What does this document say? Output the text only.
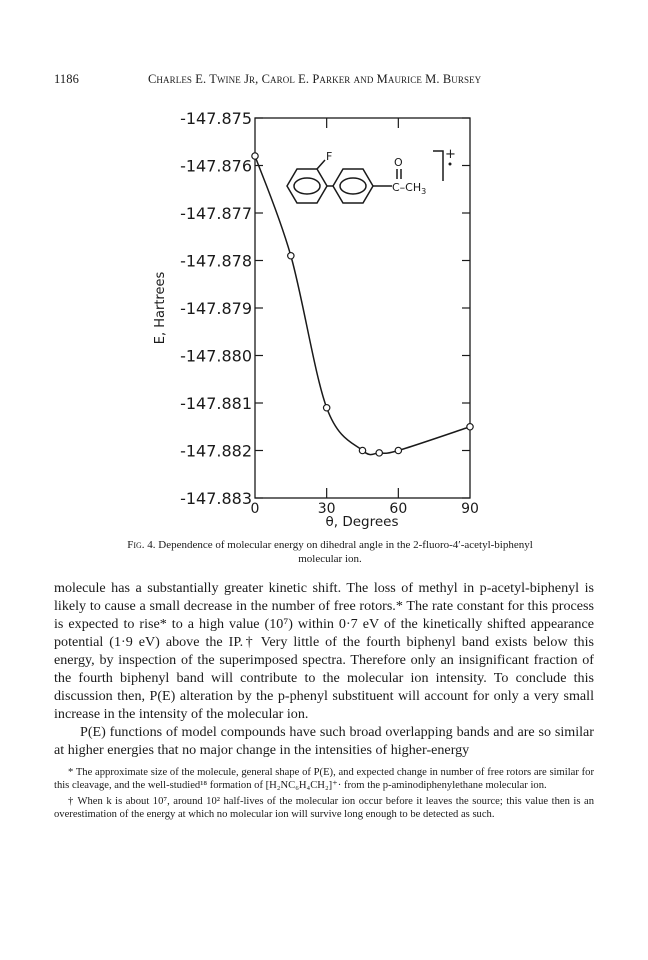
1186	Charles E. Twine Jr, Carol E. Parker and Maurice M. Bursey
-147.875
-147.876
-147.877
-147.878
-147.879
-147.880
-147.881
-147.882
-147.883
0	30	60	90
F	O
$C-CH_3$
+
E, Hartrees
θ, Degrees
Fig. 4. Dependence of molecular energy on dihedral angle in the 2-fluoro-4′-acetyl-biphenyl molecular ion.

molecule has a substantially greater kinetic shift. The loss of methyl in p-acetyl-biphenyl is likely to cause a small decrease in the number of free rotors.* The rate constant for this process is expected to rise* to a high value (10⁷) within 0·7 eV of the kinetically shifted appearance potential (1·9 eV) above the IP.† Very little of the fourth biphenyl band exists below this energy, by inspection of the superimposed spectra. Therefore only an insignificant fraction of the fourth biphenyl band will contribute to the molecular ion intensity. To conclude this discussion then, P(E) alteration by the p-phenyl substituent will account for only a very small increase in the intensity of the molecular ion.

P(E) functions of model compounds have such broad overlapping bands and are so similar at higher energies that no major change in the intensities of higher-energy

* The approximate size of the molecule, general shape of P(E), and expected change in number of free rotors are similar for this cleavage, and the well-studied¹⁸ formation of [H₂NC₆H₄CH₂]⁺· from the p-aminodiphenylethane molecular ion.

† When k is about 10⁷, around 10² half-lives of the molecular ion occur before it leaves the source; this value then is an overestimation of the energy at which no molecular ion will survive long enough to be detected as such.
